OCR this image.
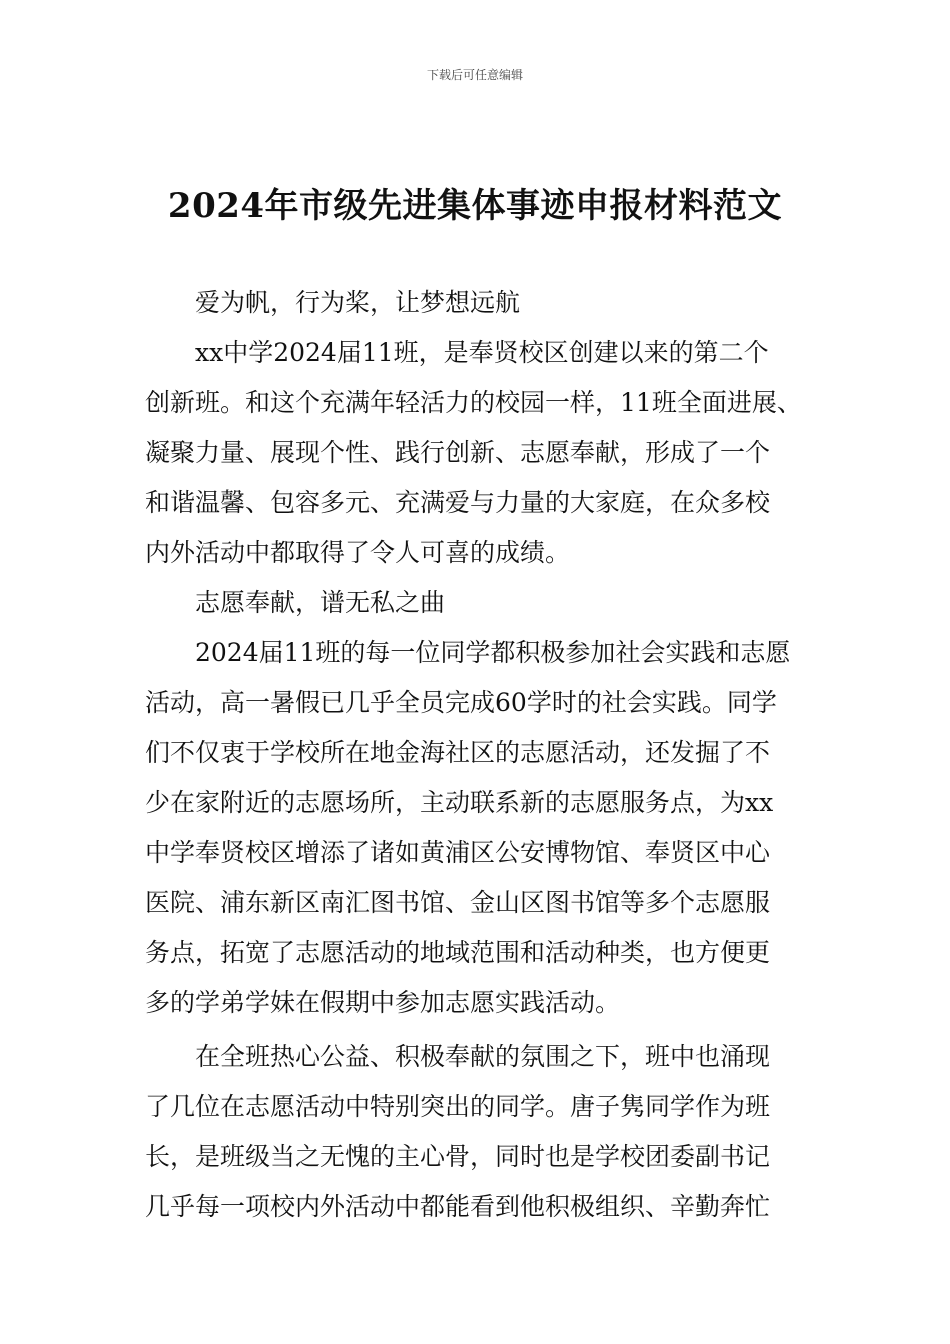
下载后可任意编辑
2024年市级先进集体事迹申报材料范文
爱为帆，行为桨，让梦想远航
xx中学2024届11班，是奉贤校区创建以来的第二个
创新班。和这个充满年轻活力的校园一样，11班全面进展、
凝聚力量、展现个性、践行创新、志愿奉献，形成了一个
和谐温馨、包容多元、充满爱与力量的大家庭，在众多校
内外活动中都取得了令人可喜的成绩。
志愿奉献，谱无私之曲
2024届11班的每一位同学都积极参加社会实践和志愿
活动，高一暑假已几乎全员完成60学时的社会实践。同学
们不仅衷于学校所在地金海社区的志愿活动，还发掘了不
少在家附近的志愿场所，主动联系新的志愿服务点，为xx
中学奉贤校区增添了诸如黄浦区公安博物馆、奉贤区中心
医院、浦东新区南汇图书馆、金山区图书馆等多个志愿服
务点，拓宽了志愿活动的地域范围和活动种类，也方便更
多的学弟学妹在假期中参加志愿实践活动。
在全班热心公益、积极奉献的氛围之下，班中也涌现
了几位在志愿活动中特别突出的同学。唐子隽同学作为班
长，是班级当之无愧的主心骨，同时也是学校团委副书记
几乎每一项校内外活动中都能看到他积极组织、辛勤奔忙
